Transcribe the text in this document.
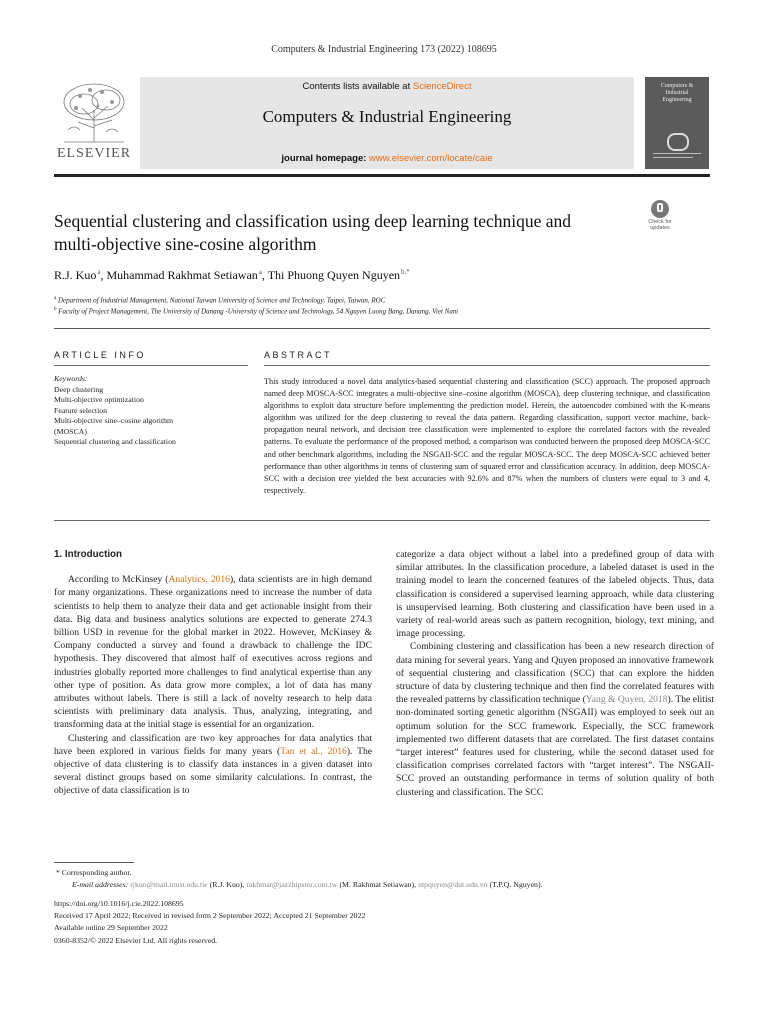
Computers & Industrial Engineering 173 (2022) 108695
ELSEVIER
Contents lists available at ScienceDirect
Computers & Industrial Engineering
journal homepage: www.elsevier.com/locate/caie
Computers &
Industrial
Engineering
Sequential clustering and classification using deep learning technique and
multi-objective sine-cosine algorithm
Check for
updates
R.J. Kuo $^a$, Muhammad Rakhmat Setiawan $^a$, Thi Phuong Quyen Nguyen $^{b,*}$
$^a$ Department of Industrial Management, National Taiwan University of Science and Technology, Taipei, Taiwan, ROC
$^b$ Faculty of Project Management, The University of Danang -University of Science and Technology, 54 Nguyen Luong Bang, Danang, Viet Nam
ARTICLE INFO	ABSTRACT
Keywords:
Deep clustering
Multi-objective optimization
Feature selection
Multi-objective sine–cosine algorithm
(MOSCA)
Sequential clustering and classification
This study introduced a novel data analytics-based sequential clustering and classification (SCC) approach. The proposed approach named deep MOSCA-SCC integrates a multi-objective sine–cosine algorithm (MOSCA), deep clustering technique, and classification algorithms to exploit data structure before implementing the prediction model. Herein, the autoencoder combined with the K-means algorithm was utilized for the deep clustering to reveal the data pattern. Regarding classification, support vector machine, back-propagation neural network, and decision tree classification were implemented to explore the correlated factors with the revealed patterns. To evaluate the performance of the proposed method, a comparison was conducted between the proposed deep MOSCA-SCC and other benchmark algorithms, including the NSGAII-SCC and the regular MOSCA-SCC. The deep MOSCA-SCC achieved better performance than other algorithms in terms of clustering sum of squared error and classification accuracy. In addition, deep MOSCA-SCC with a decision tree yielded the best accuracies with 92.6% and 87% when the numbers of clusters were equal to 3 and 4, respectively.
1. Introduction

According to McKinsey (Analytics, 2016), data scientists are in high demand for many organizations. These organizations need to increase the number of data scientists to help them to analyze their data and get actionable insight from their data. Big data and business analytics solutions are expected to generate 274.3 billion USD in revenue for the global market in 2022. However, McKinsey & Company conducted a survey and found a drawback to challenge the IDC hypothesis. They discovered that almost half of executives across regions and industries globally reported more challenges to find analytical expertise than any other type of position. As data grow more complex, a lot of data has many attributes without labels. There is still a lack of novelty research to help data scientists with preliminary data analysis. Thus, analyzing, integrating, and transforming data at the initial stage is essential for an organization.

Clustering and classification are two key approaches for data analytics that have been explored in various fields for many years (Tan et al., 2016). The objective of data clustering is to classify data instances in a given dataset into several distinct groups based on some similarity calculations. In contrast, the objective of data classification is to

categorize a data object without a label into a predefined group of data with similar attributes. In the classification procedure, a labeled dataset is used in the training model to learn the concerned features of the labeled objects. Thus, data classification is considered a supervised learning approach, while data clustering is unsupervised learning. Both clustering and classification have been used in a variety of real-world areas such as pattern recognition, biology, text mining, and image processing.

Combining clustering and classification has been a new research direction of data mining for several years. Yang and Quyen proposed an innovative framework of sequential clustering and classification (SCC) that can explore the hidden structure of data by clustering technique and then find the correlated features with the revealed patterns by classification technique (Yang & Quyen, 2018). The elitist non-dominated sorting genetic algorithm (NSGAII) was employed to seek out an optimum solution for the SCC framework. Especially, the SCC framework implemented two different datasets that are correlated. The first dataset contains “target interest” features used for clustering, while the second dataset used for classification comprises correlated factors with “target interest”. The NSGAII-SCC proved an outstanding performance in terms of solution quality of both clustering and classification. The SCC

* Corresponding author.
E-mail addresses: rjkuo@mail.ntust.edu.tw (R.J. Kuo), rakhmat@jazzhipster.com.tw (M. Rakhmat Setiawan), ntpquyen@dut.udn.vn (T.P.Q. Nguyen).
https://doi.org/10.1016/j.cie.2022.108695
Received 17 April 2022; Received in revised form 2 September 2022; Accepted 21 September 2022
Available online 29 September 2022
0360-8352/© 2022 Elsevier Ltd. All rights reserved.
